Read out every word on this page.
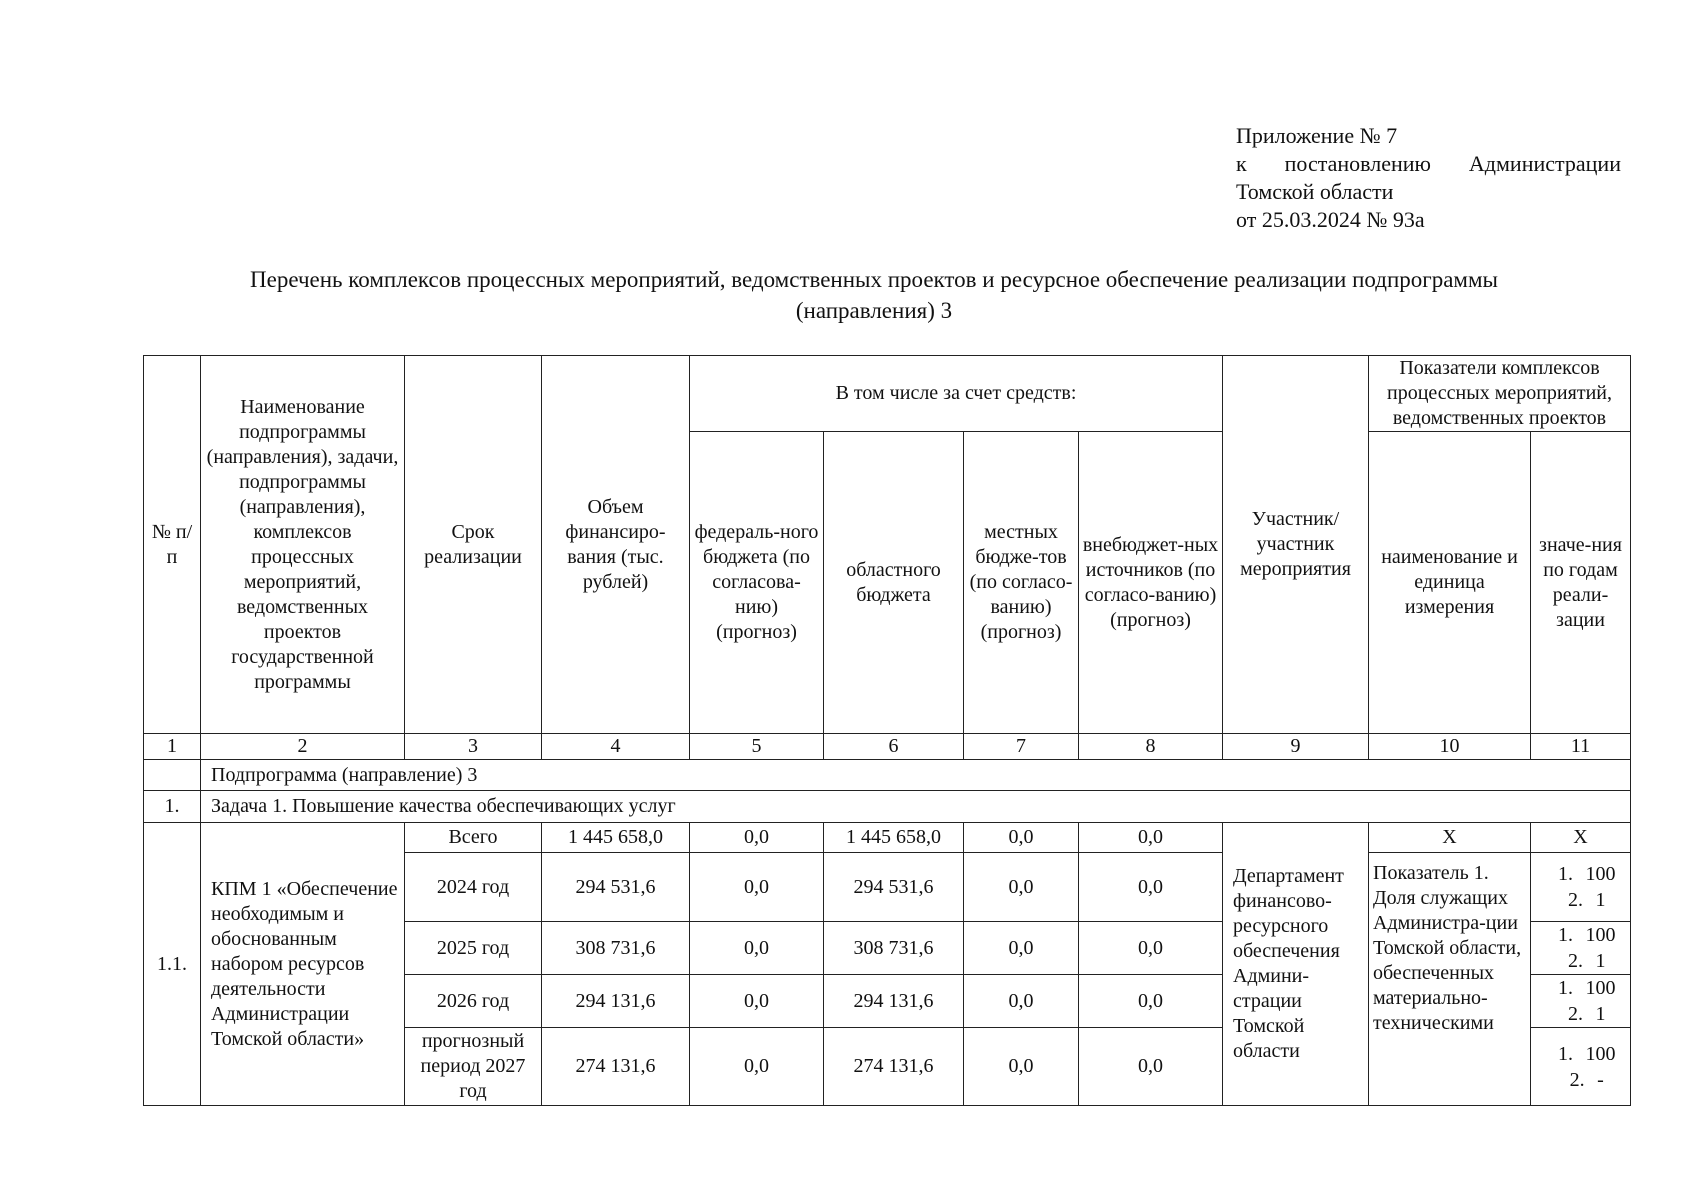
Приложение № 7
к постановлению Администрации
Томской области
от 25.03.2024 № 93а
Перечень комплексов процессных мероприятий, ведомственных проектов и ресурсное обеспечение реализации подпрограммы
(направления) 3
№ п/п	Наименование подпрограммы (направления), задачи, подпрограммы (направления), комплексов процессных мероприятий, ведомственных проектов государственной программы	Срок реализации	Объем финансиро-вания (тыс. рублей)	В том числе за счет средств:				Участник/ участник мероприятия	Показатели комплексов процессных мероприятий, ведомственных проектов	
				федераль-ного бюджета (по согласова-нию) (прогноз)	областного бюджета	местных бюдже-тов (по согласо-ванию) (прогноз)	внебюджет-ных источников (по согласо-ванию) (прогноз)		наименование и единица измерения	значе-ния по годам реали-зации
1	2	3	4	5	6	7	8	9	10	11
	Подпрограмма (направление) 3									
1.	Задача 1. Повышение качества обеспечивающих услуг									
1.1.	КПМ 1 «Обеспечение необходимым и обоснованным набором ресурсов деятельности Администрации Томской области»	Всего	1 445 658,0	0,0	1 445 658,0	0,0	0,0	Департамент финансово-ресурсного обеспечения Админи-страции Томской области	X	X
		2024 год	294 531,6	0,0	294 531,6	0,0	0,0		Показатель 1. Доля служащих Администра-ции Томской области, обеспеченных материально-техническими	1. 100
2. 1

		2025 год	308 731,6	0,0	308 731,6	0,0	0,0			1. 100
2. 1

		2026 год	294 131,6	0,0	294 131,6	0,0	0,0			1. 100
2. 1

		прогнозный период 2027 год	274 131,6	0,0	274 131,6	0,0	0,0			1. 100
2. -
